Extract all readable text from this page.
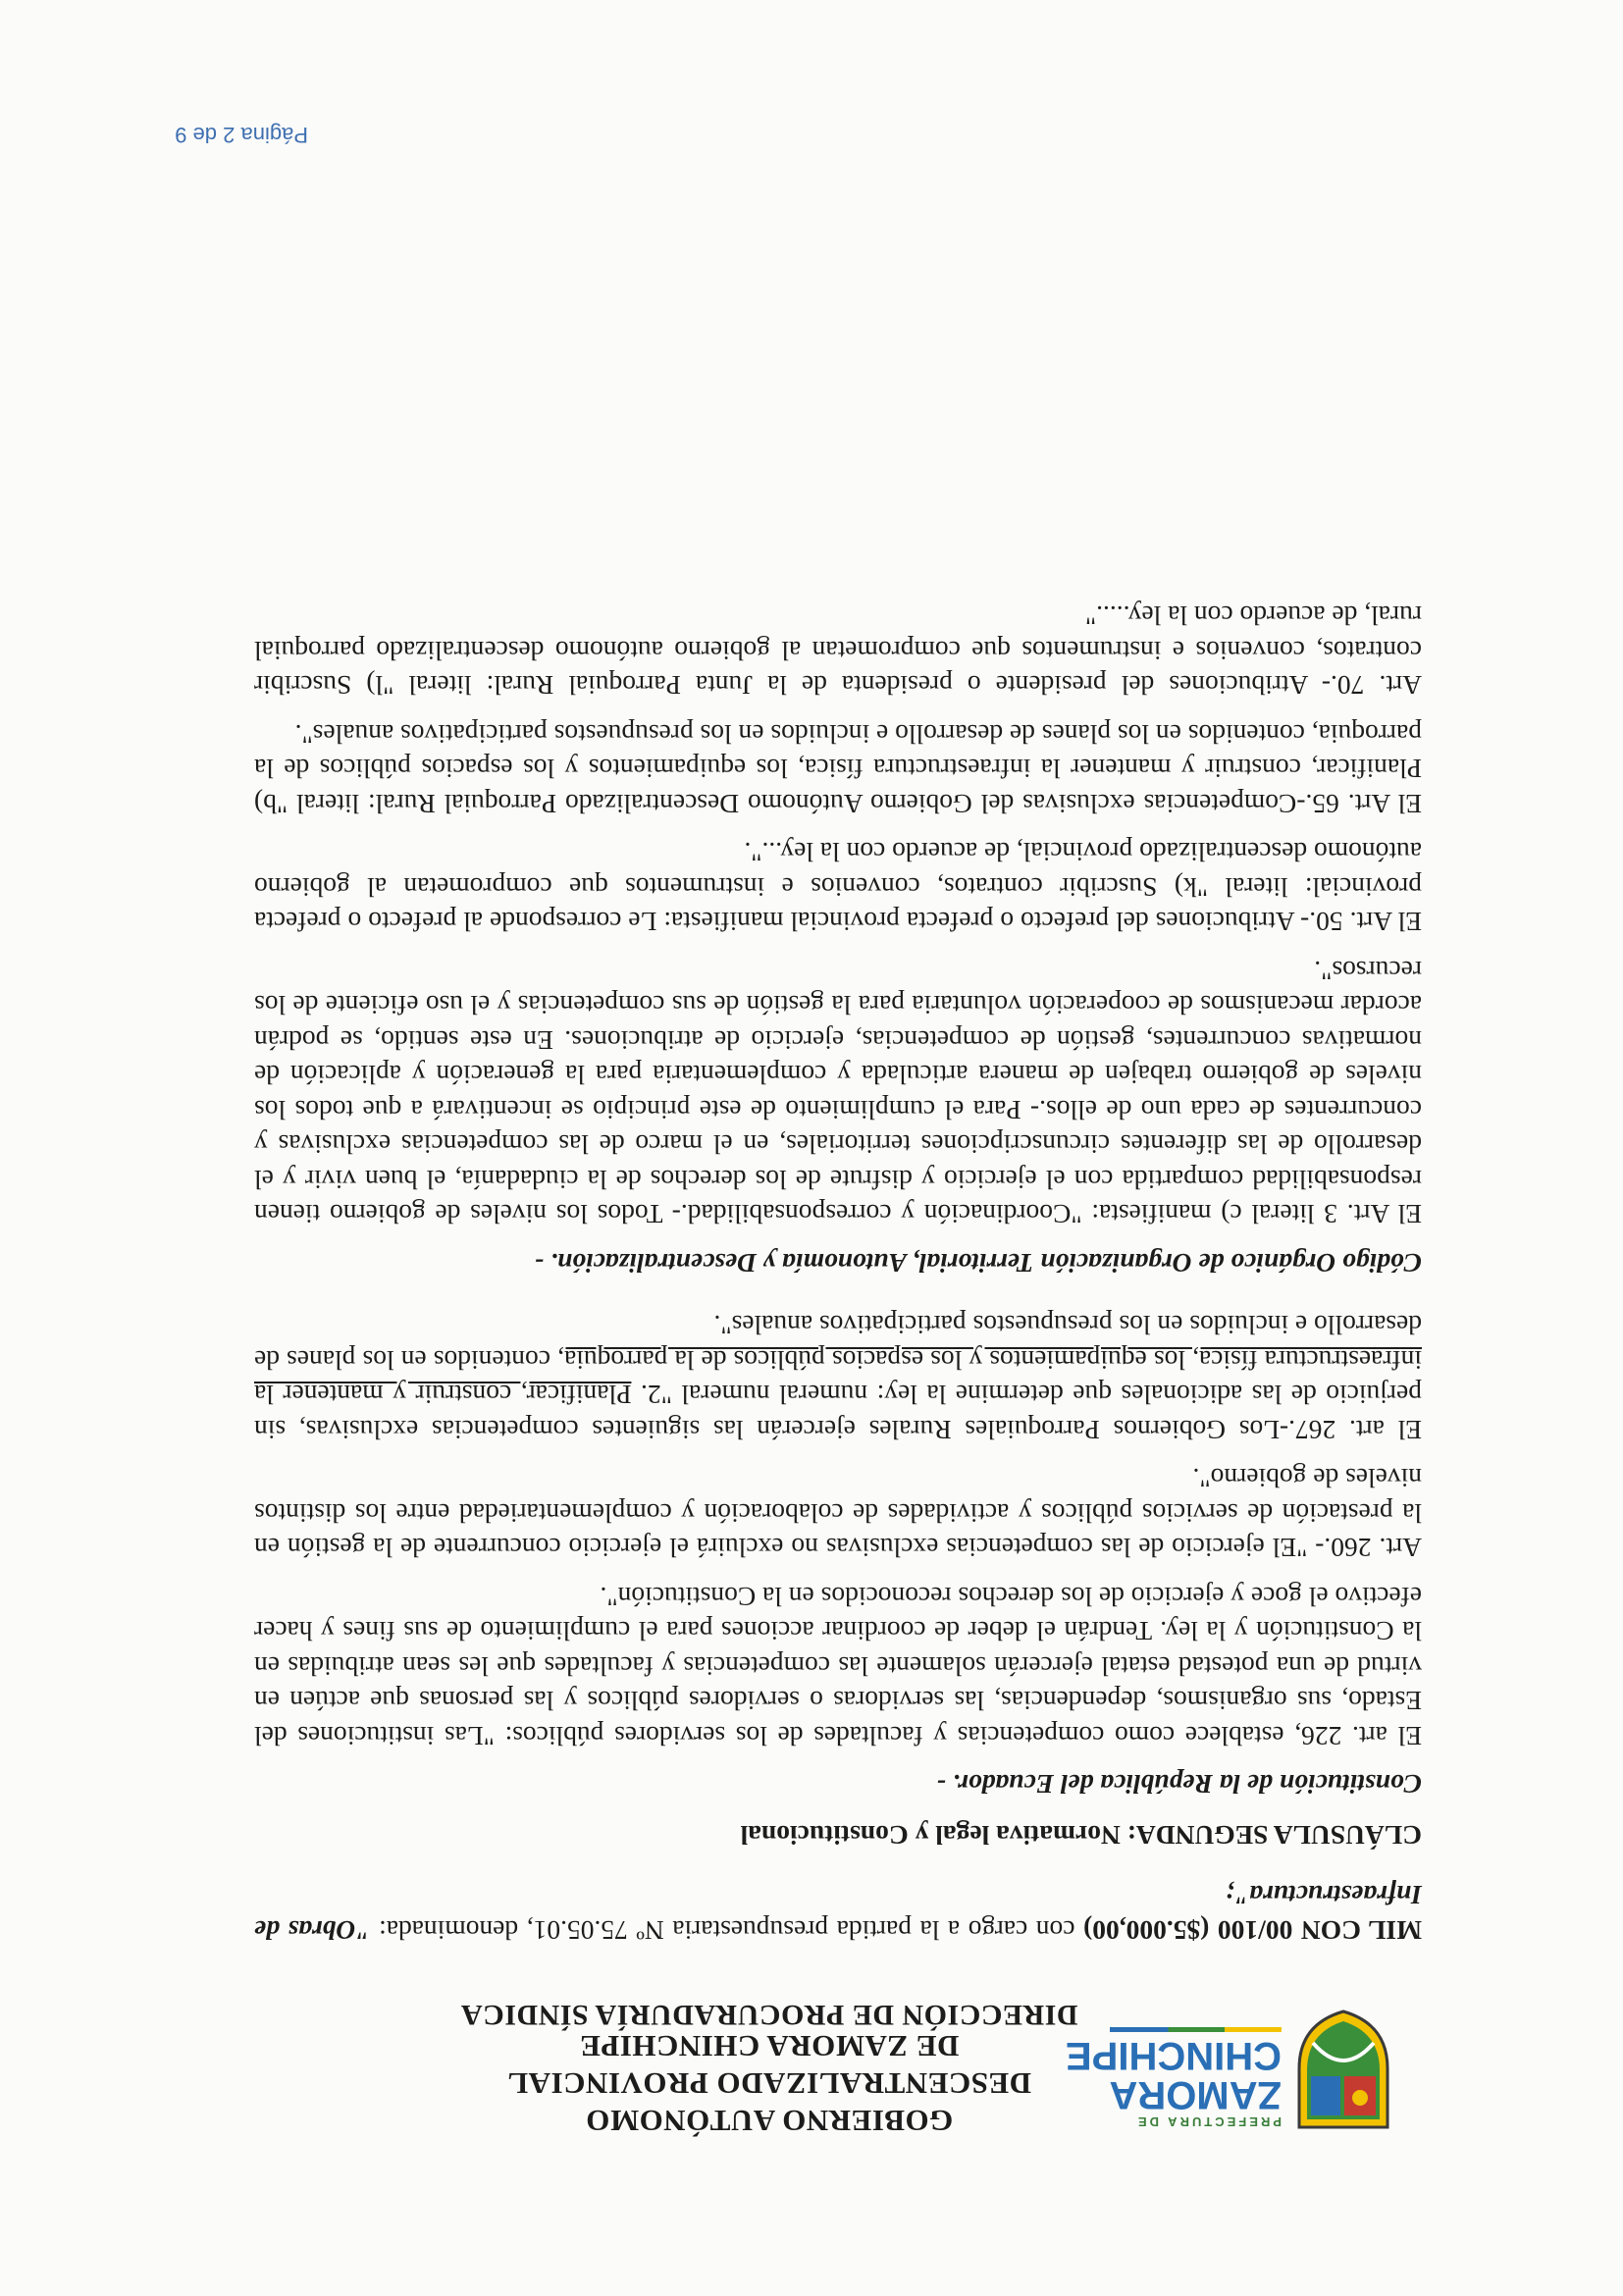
PREFECTURA DE
ZAMORA CHINCHIPE
GOBIERNO AUTÓNOMO DESCENTRALIZADO PROVINCIAL
DE ZAMORA CHINCHIPE
DIRECCIÓN DE PROCURADURÍA SÍNDICA

MIL CON 00/100 ($5.000,00) con cargo a la partida presupuestaria Nº 75.05.01, denominada: "Obras de Infraestructura";

CLÁUSULA SEGUNDA: Normativa legal y Constitucional

Constitución de la República del Ecuador. -

El art. 226, establece como competencias y facultades de los servidores públicos: "Las instituciones del Estado, sus organismos, dependencias, las servidoras o servidores públicos y las personas que actúen en virtud de una potestad estatal ejercerán solamente las competencias y facultades que les sean atribuidas en la Constitución y la ley. Tendrán el deber de coordinar acciones para el cumplimiento de sus fines y hacer efectivo el goce y ejercicio de los derechos reconocidos en la Constitución".

Art. 260.- "El ejercicio de las competencias exclusivas no excluirá el ejercicio concurrente de la gestión en la prestación de servicios públicos y actividades de colaboración y complementariedad entre los distintos niveles de gobierno".

El art. 267.-Los Gobiernos Parroquiales Rurales ejercerán las siguientes competencias exclusivas, sin perjuicio de las adicionales que determine la ley: numeral numeral "2. Planificar, construir y mantener la infraestructura física, los equipamientos y los espacios públicos de la parroquia, contenidos en los planes de desarrollo e incluidos en los presupuestos participativos anuales".

Código Orgánico de Organización Territorial, Autonomía y Descentralización. -

El Art. 3 literal c) manifiesta: "Coordinación y corresponsabilidad.- Todos los niveles de gobierno tienen responsabilidad compartida con el ejercicio y disfrute de los derechos de la ciudadanía, el buen vivir y el desarrollo de las diferentes circunscripciones territoriales, en el marco de las competencias exclusivas y concurrentes de cada uno de ellos.- Para el cumplimiento de este principio se incentivará a que todos los niveles de gobierno trabajen de manera articulada y complementaria para la generación y aplicación de normativas concurrentes, gestión de competencias, ejercicio de atribuciones. En este sentido, se podrán acordar mecanismos de cooperación voluntaria para la gestión de sus competencias y el uso eficiente de los recursos".

El Art. 50.- Atribuciones del prefecto o prefecta provincial manifiesta: Le corresponde al prefecto o prefecta provincial: literal "k) Suscribir contratos, convenios e instrumentos que comprometan al gobierno autónomo descentralizado provincial, de acuerdo con la ley...".

El Art. 65.-Competencias exclusivas del Gobierno Autónomo Descentralizado Parroquial Rural: literal "b) Planificar, construir y mantener la infraestructura física, los equipamientos y los espacios públicos de la parroquia, contenidos en los planes de desarrollo e incluidos en los presupuestos participativos anuales".

Art. 70.- Atribuciones del presidente o presidenta de la Junta Parroquial Rural: literal "l) Suscribir contratos, convenios e instrumentos que comprometan al gobierno autónomo descentralizado parroquial rural, de acuerdo con la ley....."

Página 2 de 9
